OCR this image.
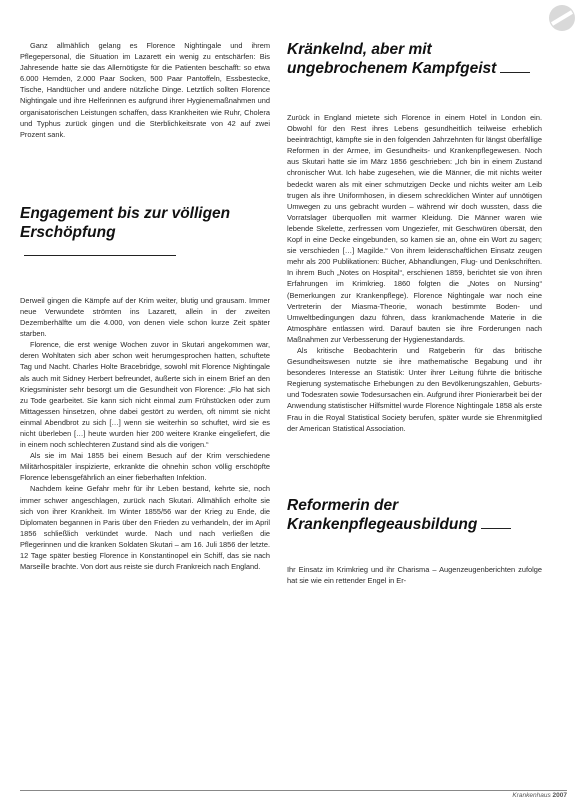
Ganz allmählich gelang es Florence Nightingale und ihrem Pflegepersonal, die Situation im Lazarett ein wenig zu entschärfen: Bis Jahresende hatte sie das Allernötigste für die Patienten beschafft: so etwa 6.000 Hemden, 2.000 Paar Socken, 500 Paar Pantoffeln, Essbestecke, Tische, Handtücher und andere nützliche Dinge. Letztlich sollten Florence Nightingale und ihre Helferinnen es aufgrund ihrer Hygienemaßnahmen und organisatorischen Leistungen schaffen, dass Krankheiten wie Ruhr, Cholera und Typhus zurück gingen und die Sterblichkeitsrate von 42 auf zwei Prozent sank.

Engagement bis zur völligen
Erschöpfung

Derweil gingen die Kämpfe auf der Krim weiter, blutig und grausam. Immer neue Verwundete strömten ins Lazarett, allein in der zweiten Dezemberhälfte um die 4.000, von denen viele schon kurze Zeit später starben.

Florence, die erst wenige Wochen zuvor in Skutari angekommen war, deren Wohltaten sich aber schon weit herumgesprochen hatten, schuftete Tag und Nacht. Charles Holte Bracebridge, sowohl mit Florence Nightingale als auch mit Sidney Herbert befreundet, äußerte sich in einem Brief an den Kriegsminister sehr besorgt um die Gesundheit von Florence: „Flo hat sich zu Tode gearbeitet. Sie kann sich nicht einmal zum Frühstücken oder zum Mittagessen hinsetzen, ohne dabei gestört zu werden, oft nimmt sie nicht einmal Abendbrot zu sich […] wenn sie weiterhin so schuftet, wird sie es nicht überleben […] heute wurden hier 200 weitere Kranke eingeliefert, die in einem noch schlechteren Zustand sind als die vorigen.“

Als sie im Mai 1855 bei einem Besuch auf der Krim verschiedene Militärhospitäler inspizierte, erkrankte die ohnehin schon völlig erschöpfte Florence lebensgefährlich an einer fieberhaften Infektion.

Nachdem keine Gefahr mehr für ihr Leben bestand, kehrte sie, noch immer schwer angeschlagen, zurück nach Skutari. Allmählich erholte sie sich von ihrer Krankheit. Im Winter 1855/56 war der Krieg zu Ende, die Diplomaten begannen in Paris über den Frieden zu verhandeln, der im April 1856 schließlich verkündet wurde. Nach und nach verließen die Pflegerinnen und die kranken Soldaten Skutari – am 16. Juli 1856 der letzte. 12 Tage später bestieg Florence in Konstantinopel ein Schiff, das sie nach Marseille brachte. Von dort aus reiste sie durch Frankreich nach England.

Kränkelnd, aber mit
ungebrochenem Kampfgeist

Zurück in England mietete sich Florence in einem Hotel in London ein. Obwohl für den Rest ihres Lebens gesundheitlich teilweise erheblich beeinträchtigt, kämpfte sie in den folgenden Jahrzehnten für längst überfällige Reformen in der Armee, im Gesundheits- und Krankenpflegewesen. Noch aus Skutari hatte sie im März 1856 geschrieben: „Ich bin in einem Zustand chronischer Wut. Ich habe zugesehen, wie die Männer, die mit nichts weiter bedeckt waren als mit einer schmutzigen Decke und nichts weiter am Leib trugen als ihre Uniformhosen, in diesem schrecklichen Winter auf unnötigen Umwegen zu uns gebracht wurden – während wir doch wussten, dass die Vorratslager überquollen mit warmer Kleidung. Die Männer waren wie lebende Skelette, zerfressen vom Ungeziefer, mit Geschwüren übersät, den Kopf in eine Decke eingebunden, so kamen sie an, ohne ein Wort zu sagen; sie verschieden […] Magilde.“ Von ihrem leidenschaftlichen Einsatz zeugen mehr als 200 Publikationen: Bücher, Abhandlungen, Flug- und Denkschriften. In ihrem Buch „Notes on Hospital“, erschienen 1859, berichtet sie von ihren Erfahrungen im Krimkrieg. 1860 folgten die „Notes on Nursing“ (Bemerkungen zur Krankenpflege). Florence Nightingale war noch eine Vertreterin der Miasma-Theorie, wonach bestimmte Boden- und Umweltbedingungen dazu führen, dass krankmachende Materie in die Atmosphäre entlassen wird. Darauf bauten sie ihre Forderungen nach Maßnahmen zur Verbesserung der Hygienestandards.

Als kritische Beobachterin und Ratgeberin für das britische Gesundheitswesen nutzte sie ihre mathematische Begabung und ihr besonderes Interesse an Statistik: Unter ihrer Leitung führte die britische Regierung systematische Erhebungen zu den Bevölkerungszahlen, Geburts- und Todesraten sowie Todesursachen ein. Aufgrund ihrer Pionierarbeit bei der Anwendung statistischer Hilfsmittel wurde Florence Nightingale 1858 als erste Frau in die Royal Statistical Society berufen, später wurde sie Ehrenmitglied der American Statistical Association.

Reformerin der
Krankenpflegeausbildung

Ihr Einsatz im Krimkrieg und ihr Charisma – Augenzeugenberichten zufolge hat sie wie ein rettender Engel in Er-

Krankenhaus 2007
